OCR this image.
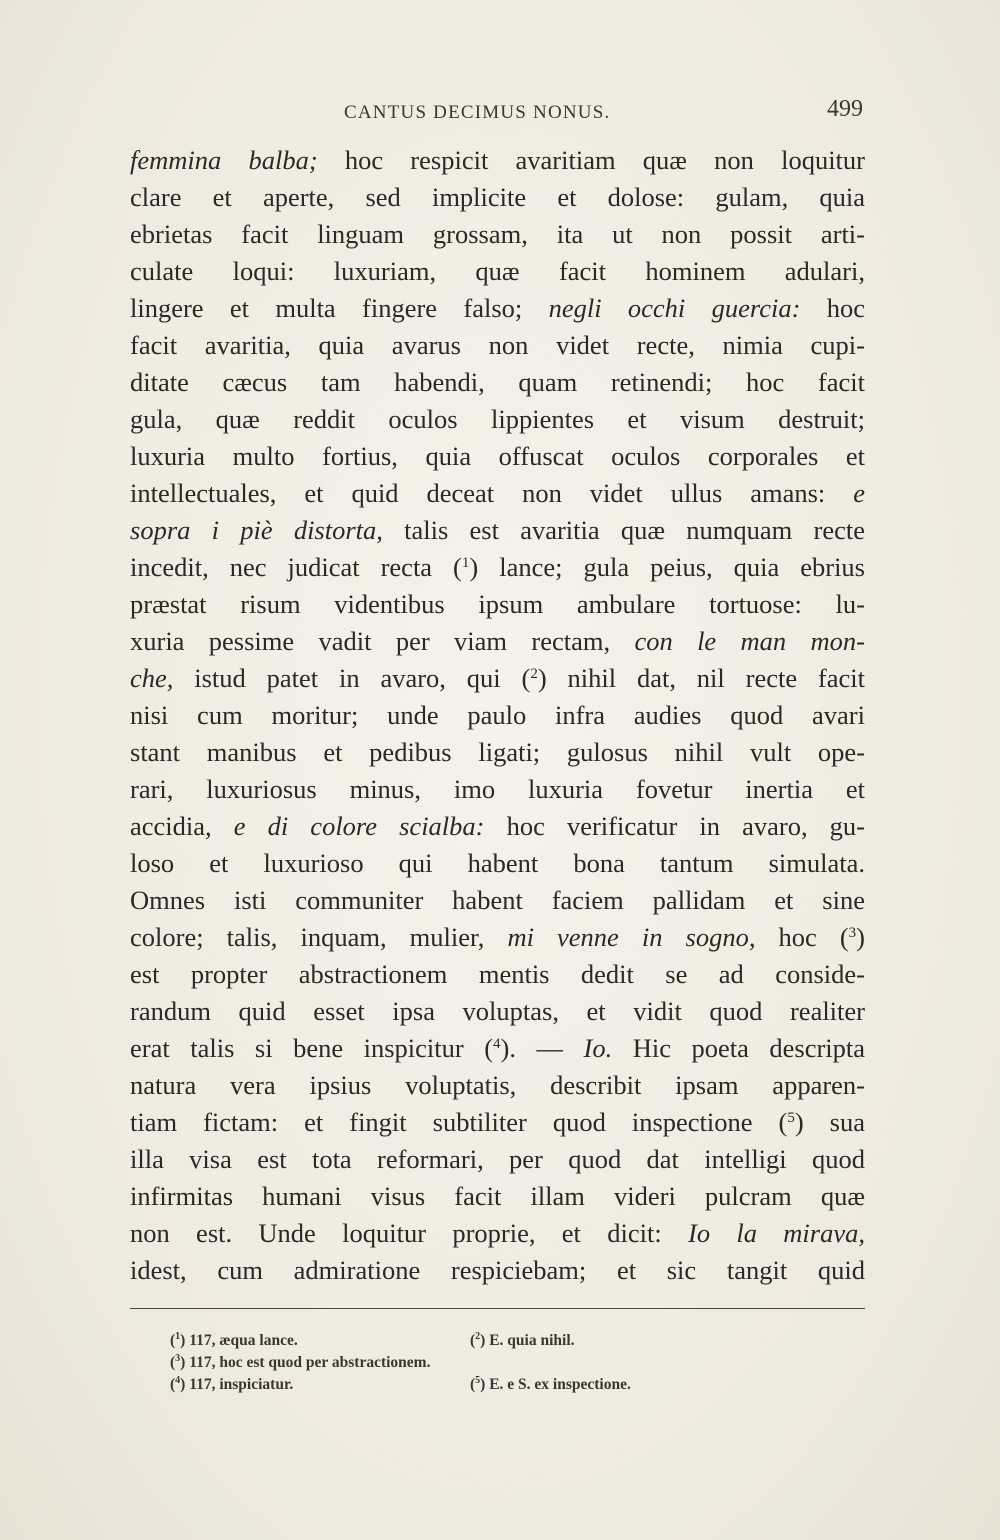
CANTUS DECIMUS NONUS.	499
femmina balba; hoc respicit avaritiam quæ non loquitur
clare et aperte, sed implicite et dolose: gulam, quia
ebrietas facit linguam grossam, ita ut non possit arti-
culate loqui: luxuriam, quæ facit hominem adulari,
lingere et multa fingere falso; negli occhi guercia: hoc
facit avaritia, quia avarus non videt recte, nimia cupi-
ditate cæcus tam habendi, quam retinendi; hoc facit
gula, quæ reddit oculos lippientes et visum destruit;
luxuria multo fortius, quia offuscat oculos corporales et
intellectuales, et quid deceat non videt ullus amans: e
sopra i piè distorta, talis est avaritia quæ numquam recte
incedit, nec judicat recta ($^1$) lance; gula peius, quia ebrius
præstat risum videntibus ipsum ambulare tortuose: lu-
xuria pessime vadit per viam rectam, con le man mon-
che, istud patet in avaro, qui ($^2$) nihil dat, nil recte facit
nisi cum moritur; unde paulo infra audies quod avari
stant manibus et pedibus ligati; gulosus nihil vult ope-
rari, luxuriosus minus, imo luxuria fovetur inertia et
accidia, e di colore scialba: hoc verificatur in avaro, gu-
loso et luxurioso qui habent bona tantum simulata.
Omnes isti communiter habent faciem pallidam et sine
colore; talis, inquam, mulier, mi venne in sogno, hoc ($^3$)
est propter abstractionem mentis dedit se ad conside-
randum quid esset ipsa voluptas, et vidit quod realiter
erat talis si bene inspicitur ($^4$). — Io. Hic poeta descripta
natura vera ipsius voluptatis, describit ipsam apparen-
tiam fictam: et fingit subtiliter quod inspectione ($^5$) sua
illa visa est tota reformari, per quod dat intelligi quod
infirmitas humani visus facit illam videri pulcram quæ
non est. Unde loquitur proprie, et dicit: Io la mirava,
idest, cum admiratione respiciebam; et sic tangit quid
($^1$) 117, æqua lance.	($^2$) E. quia nihil.
($^3$) 117, hoc est quod per abstractionem.
($^4$) 117, inspiciatur.	($^5$) E. e S. ex inspectione.
